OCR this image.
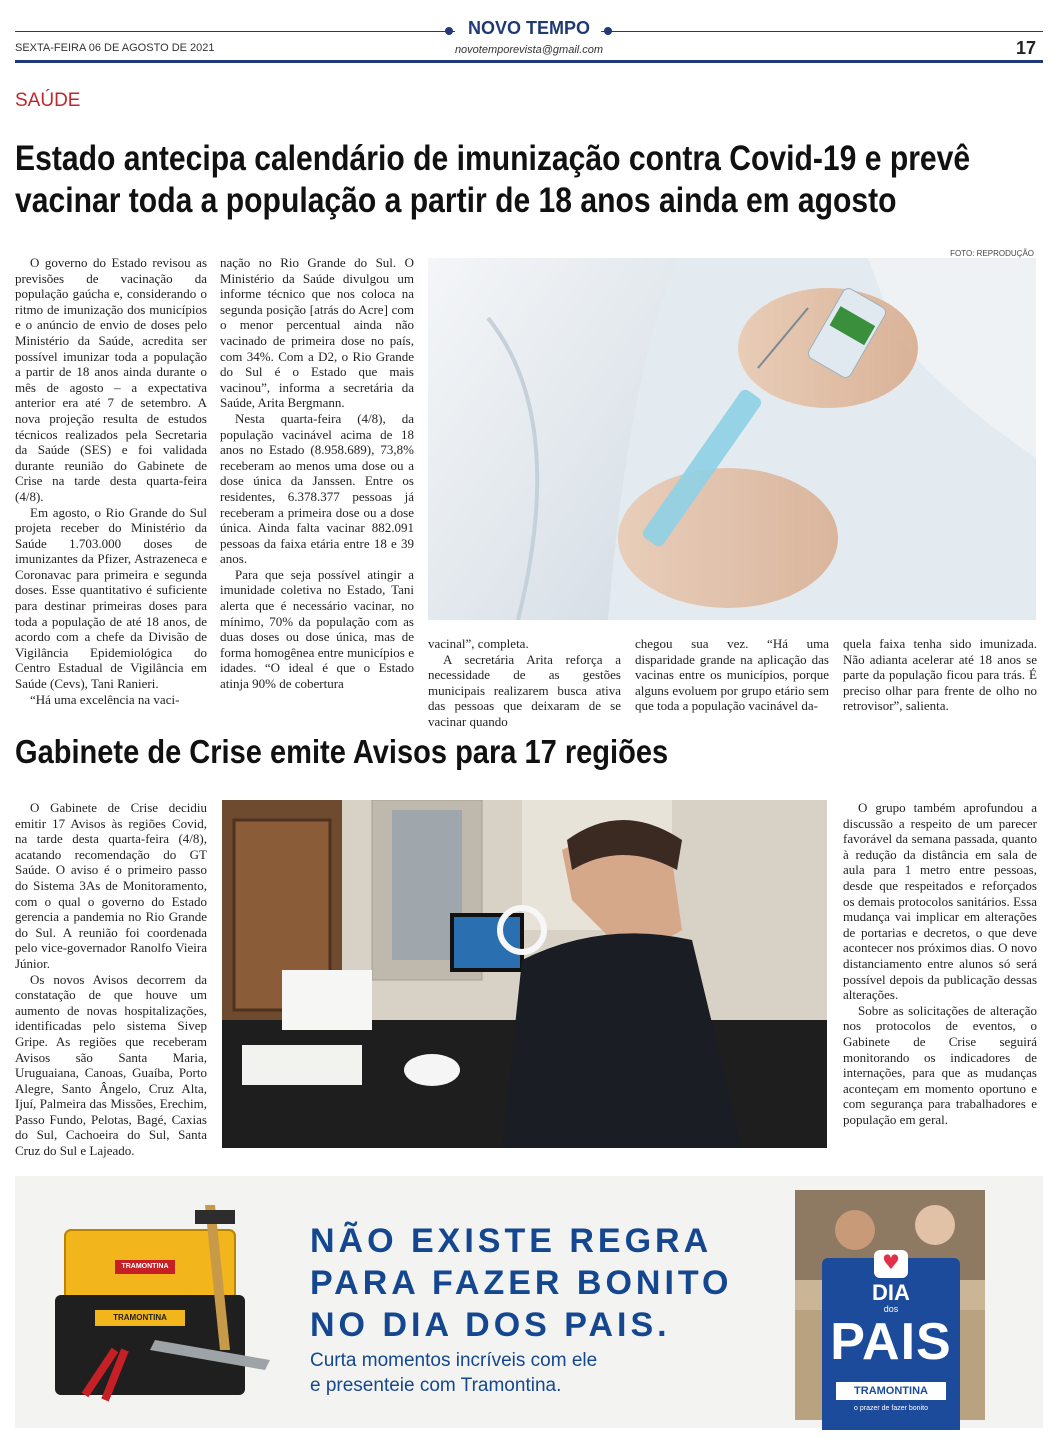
NOVO TEMPO
SEXTA-FEIRA 06 DE AGOSTO DE 2021	novotemporevista@gmail.com	17
SAÚDE
Estado antecipa calendário de imunização contra Covid-19 e prevê
vacinar toda a população a partir de 18 anos ainda em agosto
FOTO: REPRODUÇÃO

O governo do Estado revisou as previsões de vacinação da população gaúcha e, considerando o ritmo de imunização dos municípios e o anúncio de envio de doses pelo Ministério da Saúde, acredita ser possível imunizar toda a população a partir de 18 anos ainda durante o mês de agosto – a expectativa anterior era até 7 de setembro. A nova projeção resulta de estudos técnicos realizados pela Secretaria da Saúde (SES) e foi validada durante reunião do Gabinete de Crise na tarde desta quarta-feira (4/8).

Em agosto, o Rio Grande do Sul projeta receber do Ministério da Saúde 1.703.000 doses de imunizantes da Pfizer, Astrazeneca e Coronavac para primeira e segunda doses. Esse quantitativo é suficiente para destinar primeiras doses para toda a população de até 18 anos, de acordo com a chefe da Divisão de Vigilância Epidemiológica do Centro Estadual de Vigilância em Saúde (Cevs), Tani Ranieri.

“Há uma excelência na vaci-

nação no Rio Grande do Sul. O Ministério da Saúde divulgou um informe técnico que nos coloca na segunda posição [atrás do Acre] com o menor percentual ainda não vacinado de primeira dose no país, com 34%. Com a D2, o Rio Grande do Sul é o Estado que mais vacinou”, informa a secretária da Saúde, Arita Bergmann.

Nesta quarta-feira (4/8), da população vacinável acima de 18 anos no Estado (8.958.689), 73,8% receberam ao menos uma dose ou a dose única da Janssen. Entre os residentes, 6.378.377 pessoas já receberam a primeira dose ou a dose única. Ainda falta vacinar 882.091 pessoas da faixa etária entre 18 e 39 anos.

Para que seja possível atingir a imunidade coletiva no Estado, Tani alerta que é necessário vacinar, no mínimo, 70% da população com as duas doses ou dose única, mas de forma homogênea entre municípios e idades. “O ideal é que o Estado atinja 90% de cobertura

vacinal”, completa.

A secretária Arita reforça a necessidade de as gestões municipais realizarem busca ativa das pessoas que deixaram de se vacinar quando

chegou sua vez. “Há uma disparidade grande na aplicação das vacinas entre os municípios, porque alguns evoluem por grupo etário sem que toda a população vacinável da-

quela faixa tenha sido imunizada. Não adianta acelerar até 18 anos se parte da população ficou para trás. É preciso olhar para frente de olho no retrovisor”, salienta.

Gabinete de Crise emite Avisos para 17 regiões

O Gabinete de Crise decidiu emitir 17 Avisos às regiões Covid, na tarde desta quarta-feira (4/8), acatando recomendação do GT Saúde. O aviso é o primeiro passo do Sistema 3As de Monitoramento, com o qual o governo do Estado gerencia a pandemia no Rio Grande do Sul. A reunião foi coordenada pelo vice-governador Ranolfo Vieira Júnior.

Os novos Avisos decorrem da constatação de que houve um aumento de novas hospitalizações, identificadas pelo sistema Sivep Gripe. As regiões que receberam Avisos são Santa Maria, Uruguaiana, Canoas, Guaíba, Porto Alegre, Santo Ângelo, Cruz Alta, Ijuí, Palmeira das Missões, Erechim, Passo Fundo, Pelotas, Bagé, Caxias do Sul, Cachoeira do Sul, Santa Cruz do Sul e Lajeado.

O grupo também aprofundou a discussão a respeito de um parecer favorável da semana passada, quanto à redução da distância em sala de aula para 1 metro entre pessoas, desde que respeitados e reforçados os demais protocolos sanitários. Essa mudança vai implicar em alterações de portarias e decretos, o que deve acontecer nos próximos dias. O novo distanciamento entre alunos só será possível depois da publicação dessas alterações.

Sobre as solicitações de alteração nos protocolos de eventos, o Gabinete de Crise seguirá monitorando os indicadores de internações, para que as mudanças aconteçam em momento oportuno e com segurança para trabalhadores e população em geral.

TRAMONTINA
TRAMONTINA
NÃO EXISTE REGRA
PARA FAZER BONITO
NO DIA DOS PAIS.
Curta momentos incríveis com ele
e presenteie com Tramontina.
♥
DIA
dos
PAIS
TRAMONTINA
o prazer de fazer bonito
